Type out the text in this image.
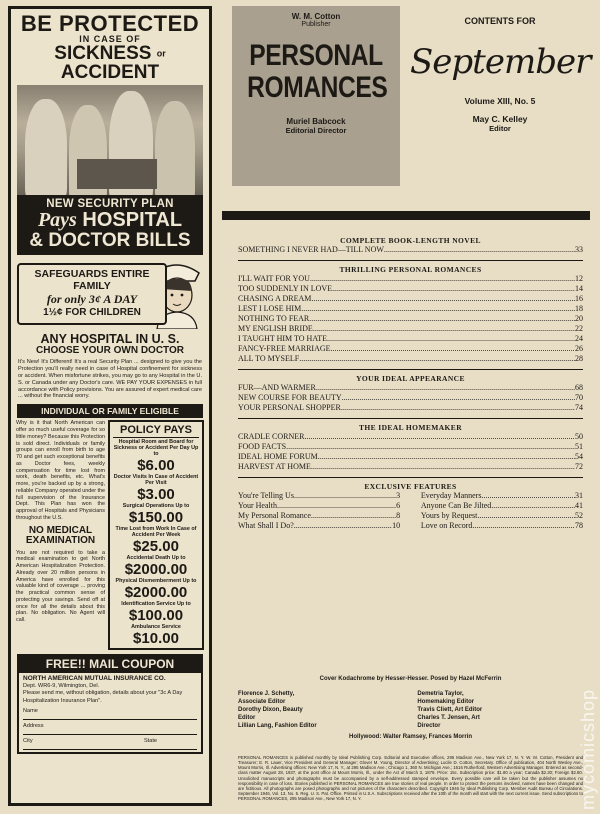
BE PROTECTED
IN CASE OF
SICKNESS or ACCIDENT
NEW SECURITY PLAN
Pays HOSPITAL
& DOCTOR BILLS
SAFEGUARDS ENTIRE FAMILY
for only 3¢ A DAY
1½¢ FOR CHILDREN
ANY HOSPITAL IN U. S.
CHOOSE YOUR OWN DOCTOR
It's New! It's Different! It's a real Security Plan ... designed to give you the Protection you'll really need in case of Hospital confinement for sickness or accident. When misfortune strikes, you may go to any Hospital in the U. S. or Canada under any Doctor's care. WE PAY YOUR EXPENSES in full accordance with Policy provisions. You are assured of expert medical care ... without the financial worry.
INDIVIDUAL OR FAMILY ELIGIBLE
Why is it that North American can offer so much useful coverage for so little money? Because this Protection is sold direct. Individuals or family groups can enroll from birth to age 70 and get such exceptional benefits as Doctor fees, weekly compensation for time lost from work, death benefits, etc. What's more, you're backed up by a strong, reliable Company operated under the full supervision of the Insurance Dept. This Plan has won the approval of Hospitals and Physicians throughout the U.S.
NO MEDICAL EXAMINATION
You are not required to take a medical examination to get North American Hospitalization Protection. Already over 20 million persons in America have enrolled for this valuable kind of coverage ... proving the practical common sense of protecting your savings. Send off at once for all the details about this plan. No obligation. No Agent will call.
POLICY PAYS
Hospital Room and Board for Sickness or Accident Per Day Up to
$6.00
Doctor Visits In Case of Accident Per Visit
$3.00
Surgical Operations Up to
$150.00
Time Lost from Work In Case of Accident Per Week
$25.00
Accidental Death Up to
$2000.00
Physical Dismemberment Up to
$2000.00
Identification Service Up to
$100.00
Ambulance Service
$10.00
FREE!! MAIL COUPON
NORTH AMERICAN MUTUAL INSURANCE CO.
Dept. WR6-9, Wilmington, Del.
Please send me, without obligation, details about your "3c A Day Hospitalization Insurance Plan".
Name
Address
City	State
W. M. Cotton
Publisher
PERSONAL
ROMANCES
Muriel Babcock
Editorial Director
CONTENTS FOR
September
Volume XIII, No. 5
May C. Kelley
Editor
COMPLETE BOOK-LENGTH NOVEL
SOMETHING I NEVER HAD—TILL NOW .....	33
THRILLING PERSONAL ROMANCES
I'LL WAIT FOR YOU .....	12
TOO SUDDENLY IN LOVE .....	14
CHASING A DREAM .....	16
LEST I LOSE HIM .....	18
NOTHING TO FEAR .....	20
MY ENGLISH BRIDE .....	22
I TAUGHT HIM TO HATE .....	24
FANCY-FREE MARRIAGE .....	26
ALL TO MYSELF .....	28
YOUR IDEAL APPEARANCE
FUR—AND WARMER .....	68
NEW COURSE FOR BEAUTY .....	70
YOUR PERSONAL SHOPPER .....	74
THE IDEAL HOMEMAKER
CRADLE CORNER .....	50
FOOD FACTS .....	51
IDEAL HOME FORUM .....	54
HARVEST AT HOME .....	72
EXCLUSIVE FEATURES
You're Telling Us .....	3
Your Health .....	6
My Personal Romance .....	8
What Shall I Do? .....	10
Everyday Manners .....	31
Anyone Can Be Jilted .....	41
Yours by Request .....	52
Love on Record .....	78
Cover Kodachrome by Hesser-Hesser. Posed by Hazel McFerrin
Florence J. Schetty, Associate Editor
Dorothy Dixon, Beauty Editor
Lillian Lang, Fashion Editor
Demetria Taylor, Homemaking Editor
Travis Cliett, Art Editor
Charles T. Jensen, Art Director
Hollywood: Walter Ramsey, Frances Morrin
PERSONAL ROMANCES is published monthly by Ideal Publishing Corp. Editorial and Executive offices, 295 Madison Ave., New York 17, N. Y. W. M. Cotton, President and Treasurer; E. R. Lauer, Vice President and General Manager; Glover M. Young, Director of Advertising; Lucile D. Cotton, Secretary. Office of publication, 404 North Wesley Ave., Mount Morris, Ill. Advertising offices: New York 17, N. Y., at 295 Madison Ave.; Chicago 1, 360 N. Michigan Ave.; 1616 Rutherford, Western Advertising Manager. Entered as second-class matter August 28, 1937, at the post office at Mount Morris, Ill., under the Act of March 3, 1879. Price: 15c. Subscription price: $1.80 a year; Canada $2.30; Foreign $2.80. Unsolicited manuscripts and photographs must be accompanied by a self-addressed stamped envelope. Every possible care will be taken but the publisher assumes no responsibility in case of loss. Stories published in PERSONAL ROMANCES are true stories of real people. In order to protect the persons involved, names have been changed and are fictitious. All photographs are posed photographs and not pictures of the characters described. Copyright 1946 by Ideal Publishing Corp. Member Audit Bureau of Circulations. September 1946, Vol. 13, No. 5. Reg. U. S. Pat. Office. Printed in U.S.A. Subscriptions received after the 10th of the month will start with the next current issue. Send subscriptions to PERSONAL ROMANCES, 295 Madison Ave., New York 17, N. Y.	mycomicshop
